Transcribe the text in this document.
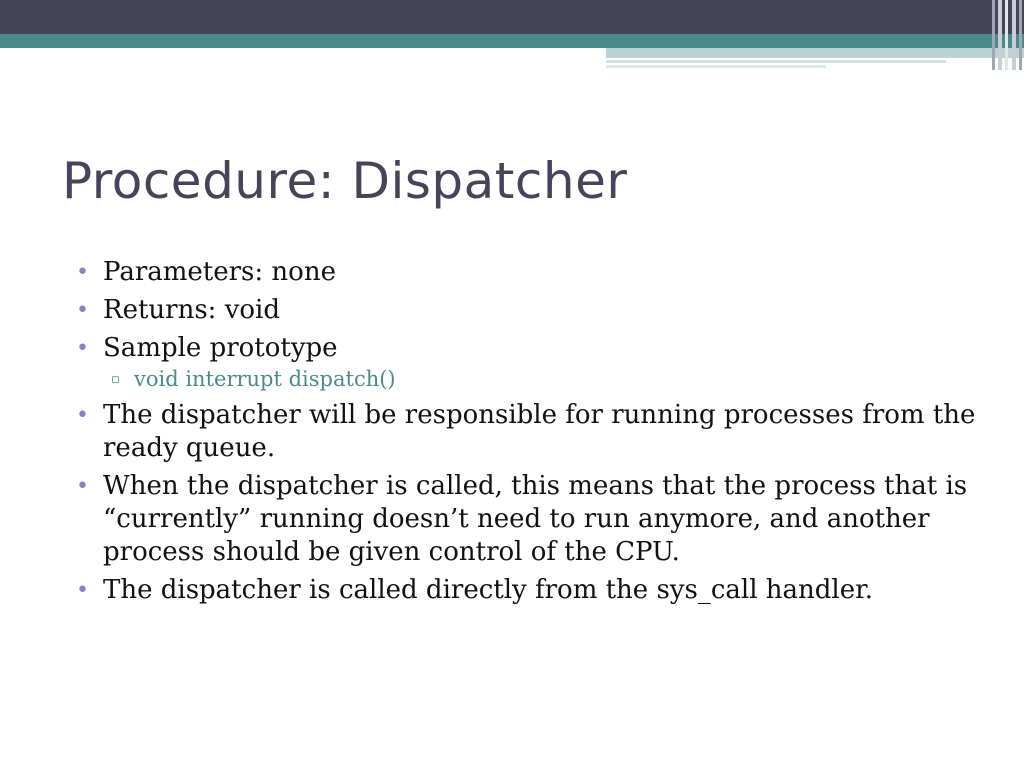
Procedure: Dispatcher
• Parameters: none
• Returns: void
• Sample prototype
▫ void interrupt dispatch()
• The dispatcher will be responsible for running processes from the ready queue.
• When the dispatcher is called, this means that the process that is “currently” running doesn’t need to run anymore, and another process should be given control of the CPU.
• The dispatcher is called directly from the sys_call handler.
